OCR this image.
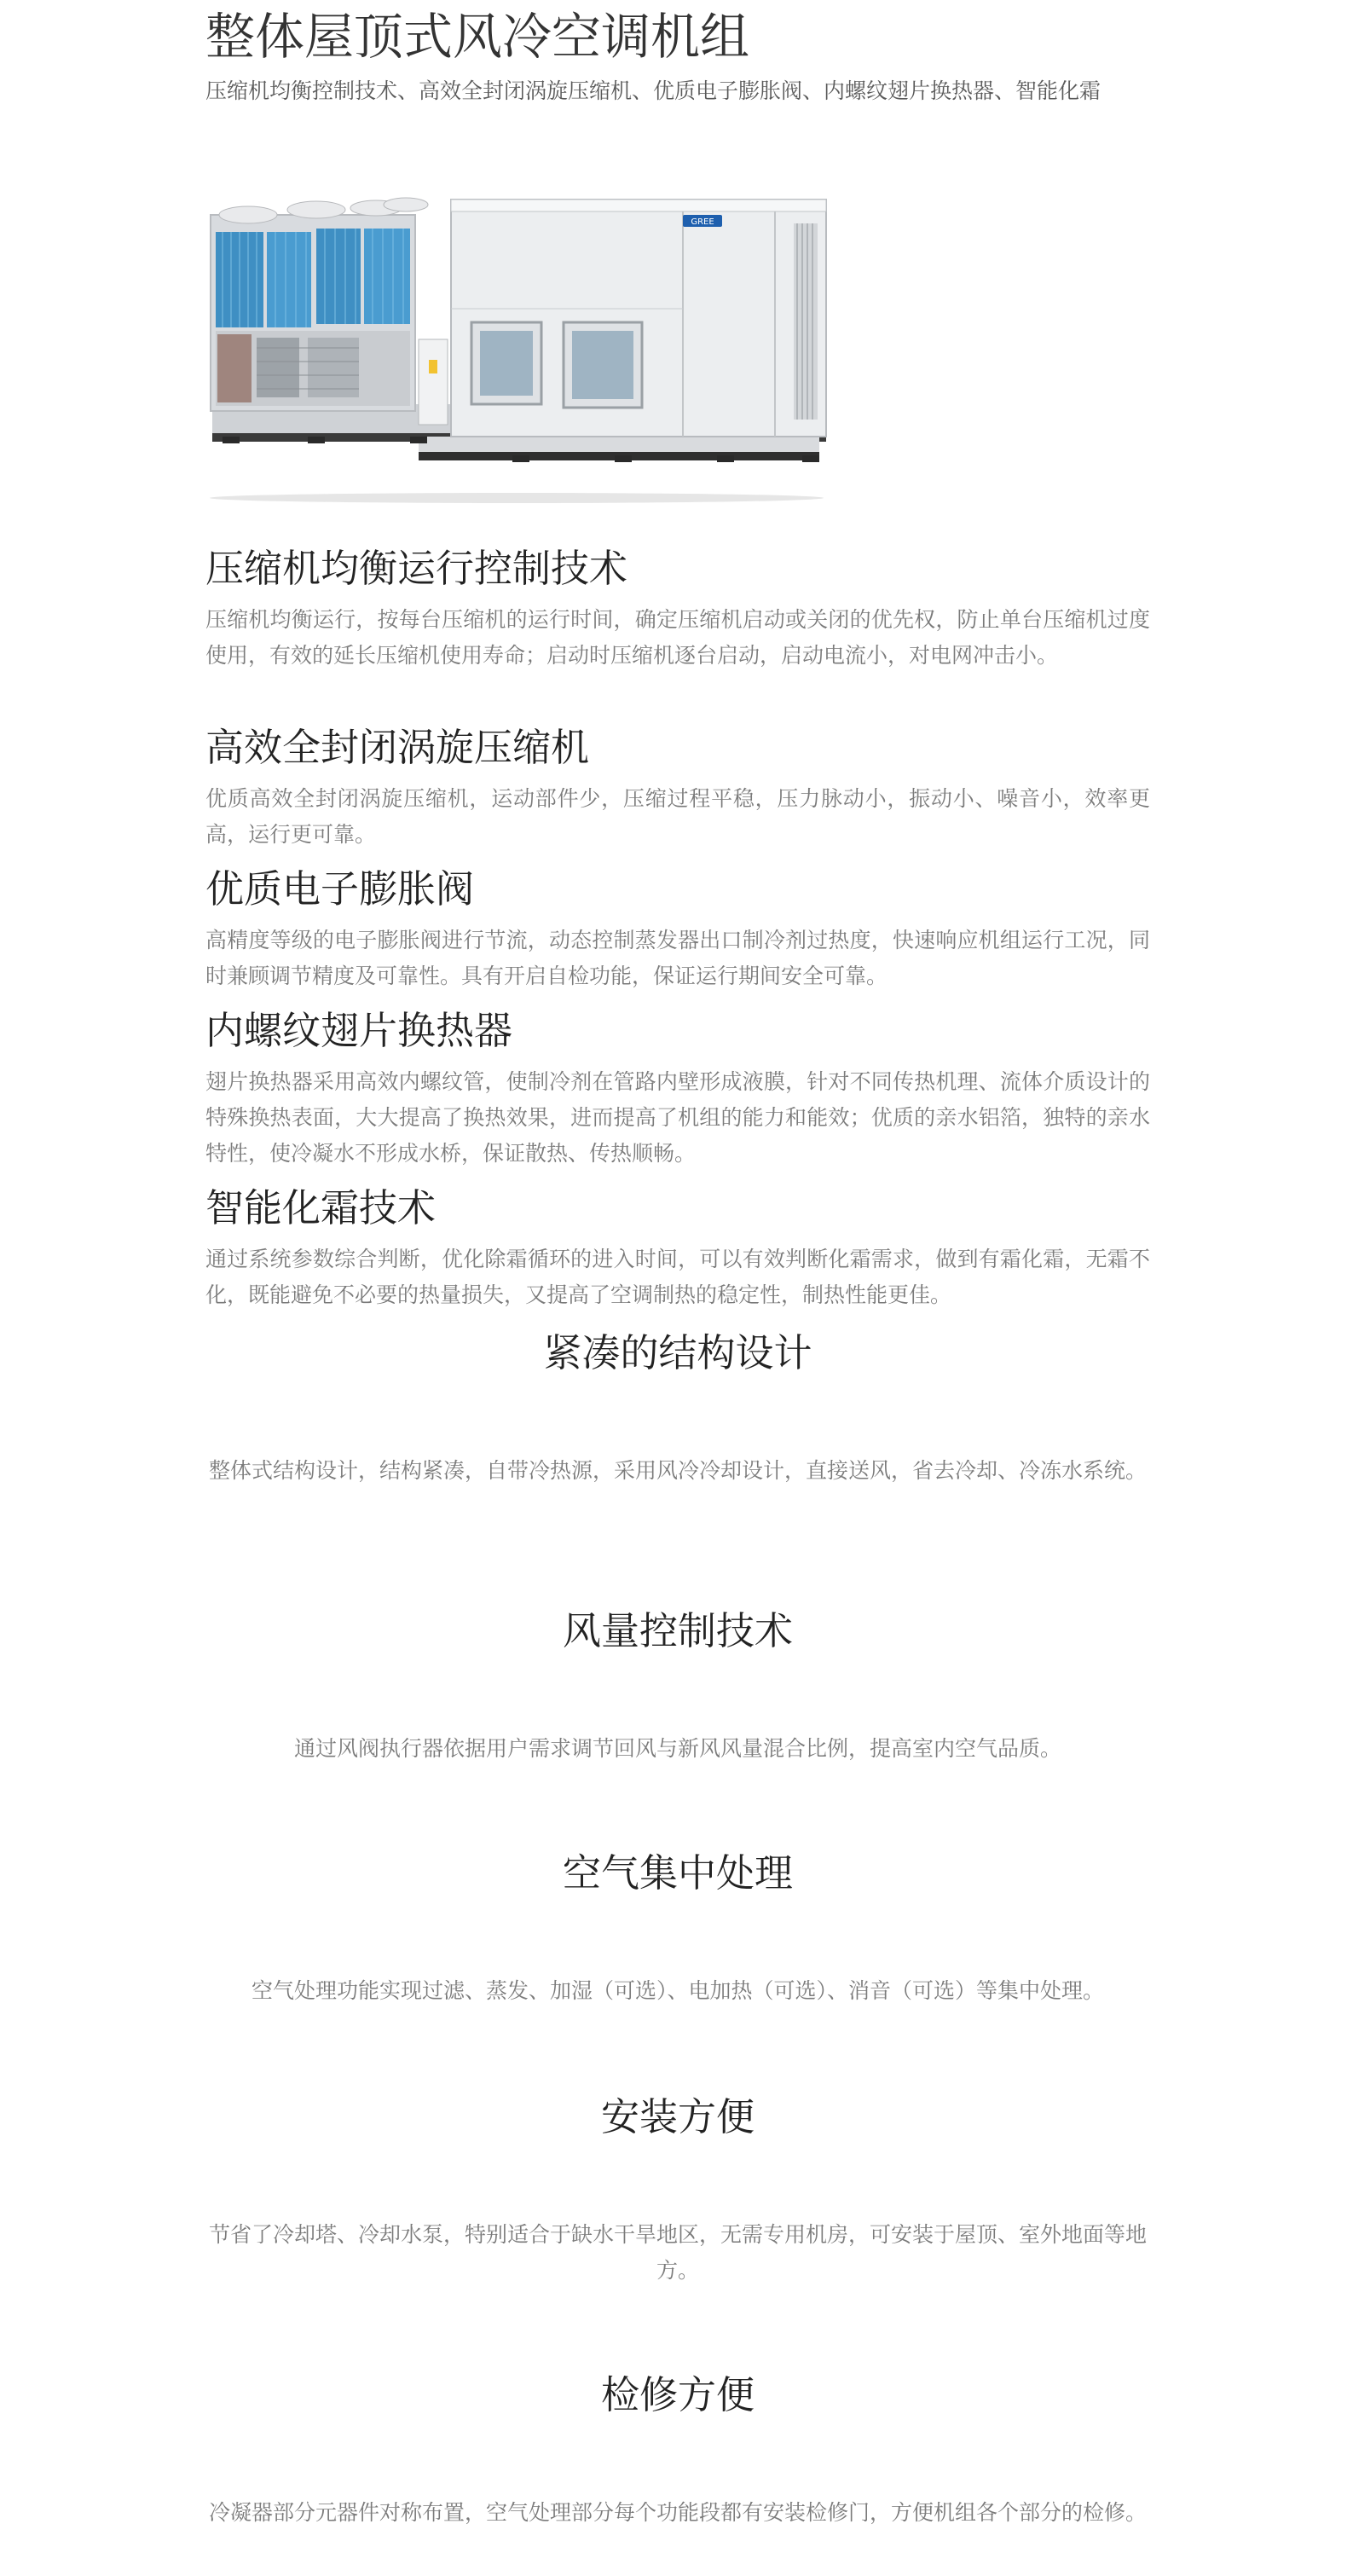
整体屋顶式风冷空调机组

压缩机均衡控制技术、高效全封闭涡旋压缩机、优质电子膨胀阀、内螺纹翅片换热器、智能化霜

GREE
压缩机均衡运行控制技术

压缩机均衡运行，按每台压缩机的运行时间，确定压缩机启动或关闭的优先权，防止单台压缩机过度使用，有效的延长压缩机使用寿命；启动时压缩机逐台启动，启动电流小，对电网冲击小。

高效全封闭涡旋压缩机

优质高效全封闭涡旋压缩机，运动部件少，压缩过程平稳，压力脉动小，振动小、噪音小，效率更高，运行更可靠。

优质电子膨胀阀

高精度等级的电子膨胀阀进行节流，动态控制蒸发器出口制冷剂过热度，快速响应机组运行工况，同时兼顾调节精度及可靠性。具有开启自检功能，保证运行期间安全可靠。

内螺纹翅片换热器

翅片换热器采用高效内螺纹管，使制冷剂在管路内壁形成液膜，针对不同传热机理、流体介质设计的特殊换热表面，大大提高了换热效果，进而提高了机组的能力和能效；优质的亲水铝箔，独特的亲水特性，使冷凝水不形成水桥，保证散热、传热顺畅。

智能化霜技术

通过系统参数综合判断，优化除霜循环的进入时间，可以有效判断化霜需求，做到有霜化霜，无霜不化，既能避免不必要的热量损失，又提高了空调制热的稳定性，制热性能更佳。

紧凑的结构设计

整体式结构设计，结构紧凑，自带冷热源，采用风冷冷却设计，直接送风，省去冷却、冷冻水系统。

风量控制技术

通过风阀执行器依据用户需求调节回风与新风风量混合比例，提高室内空气品质。

空气集中处理

空气处理功能实现过滤、蒸发、加湿（可选）、电加热（可选）、消音（可选）等集中处理。

安装方便

节省了冷却塔、冷却水泵，特别适合于缺水干旱地区，无需专用机房，可安装于屋顶、室外地面等地方。

检修方便

冷凝器部分元器件对称布置，空气处理部分每个功能段都有安装检修门，方便机组各个部分的检修。
